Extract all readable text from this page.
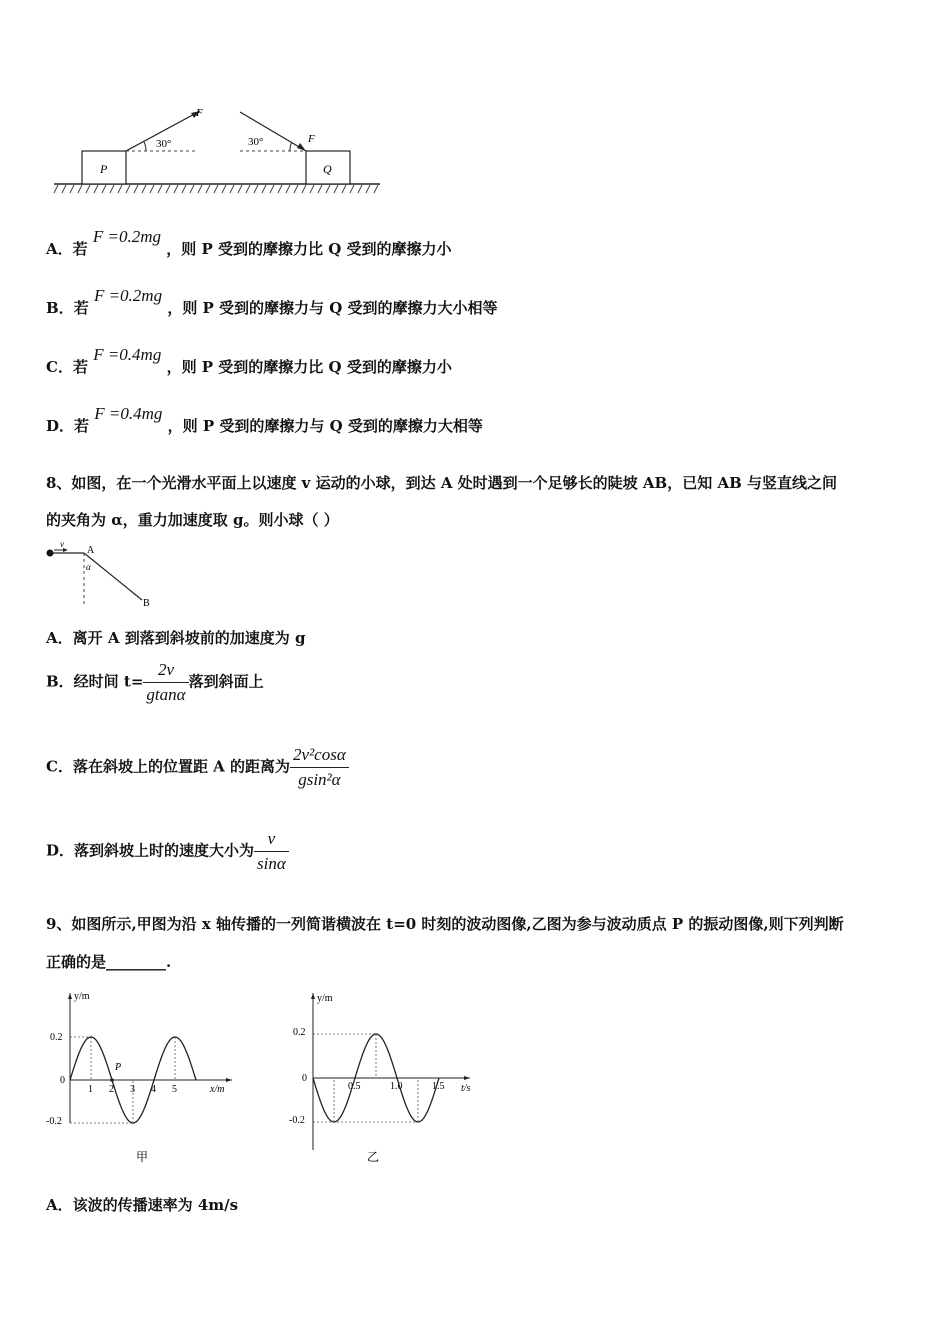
P
F
30°
Q
F
30°
A．若 F =0.2mg ，则 P 受到的摩擦力比 Q 受到的摩擦力小
B．若 F =0.2mg ，则 P 受到的摩擦力与 Q 受到的摩擦力大小相等
C．若 F =0.4mg ，则 P 受到的摩擦力比 Q 受到的摩擦力小
D．若 F =0.4mg ，则 P 受到的摩擦力与 Q 受到的摩擦力大相等
8、如图，在一个光滑水平面上以速度 v 运动的小球，到达 A 处时遇到一个足够长的陡坡 AB，已知 AB 与竖直线之间
的夹角为 α，重力加速度取 g。则小球（ ）
v
A
α
B
A．离开 A 到落到斜坡前的加速度为 g
B．经时间 $t= \frac{2v}{gtan\alpha}$ 落到斜面上
C．落在斜坡上的位置距 A 的距离为 $\frac{\text{2v²cosα}}{\text{gsin²α}}$
D．落到斜坡上时的速度大小为 $\frac{v}{\sin\alpha}$
9、如图所示,甲图为沿 x 轴传播的一列简谐横波在 t=0 时刻的波动图像,乙图为参与波动质点 P 的振动图像,则下列判断
正确的是________.
y/m
x/m
0.2
0
-0.2
1 2 3 4 5
P
甲
y/m
t/s
0.2
0
-0.2
0.5	1.0	1.5
乙
A．该波的传播速率为 4m/s
